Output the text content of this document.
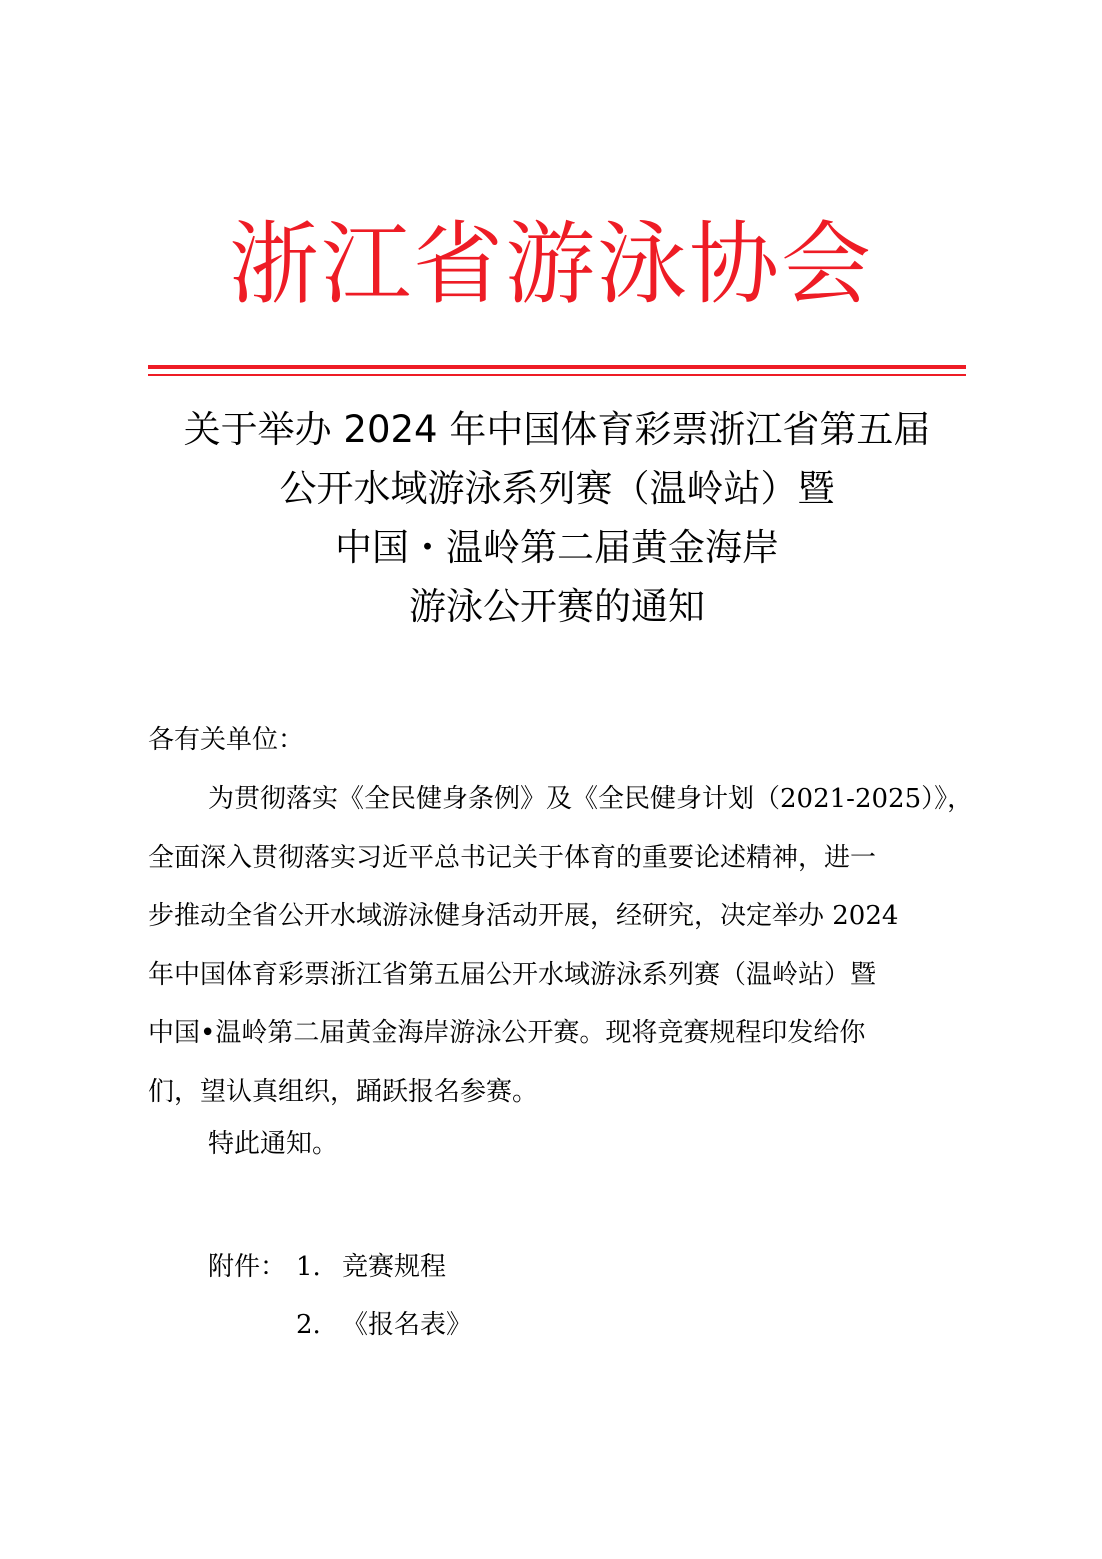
浙江省游泳协会
关于举办 2024 年中国体育彩票浙江省第五届
公开水域游泳系列赛（温岭站）暨
中国・温岭第二届黄金海岸
游泳公开赛的通知
各有关单位：
为贯彻落实《全民健身条例》及《全民健身计划（2021-2025）》，
全面深入贯彻落实习近平总书记关于体育的重要论述精神，进一
步推动全省公开水域游泳健身活动开展，经研究，决定举办 2024
年中国体育彩票浙江省第五届公开水域游泳系列赛（温岭站）暨
中国•温岭第二届黄金海岸游泳公开赛。现将竞赛规程印发给你
们，望认真组织，踊跃报名参赛。
特此通知。
附件： 1. 竞赛规程
2. 《报名表》
